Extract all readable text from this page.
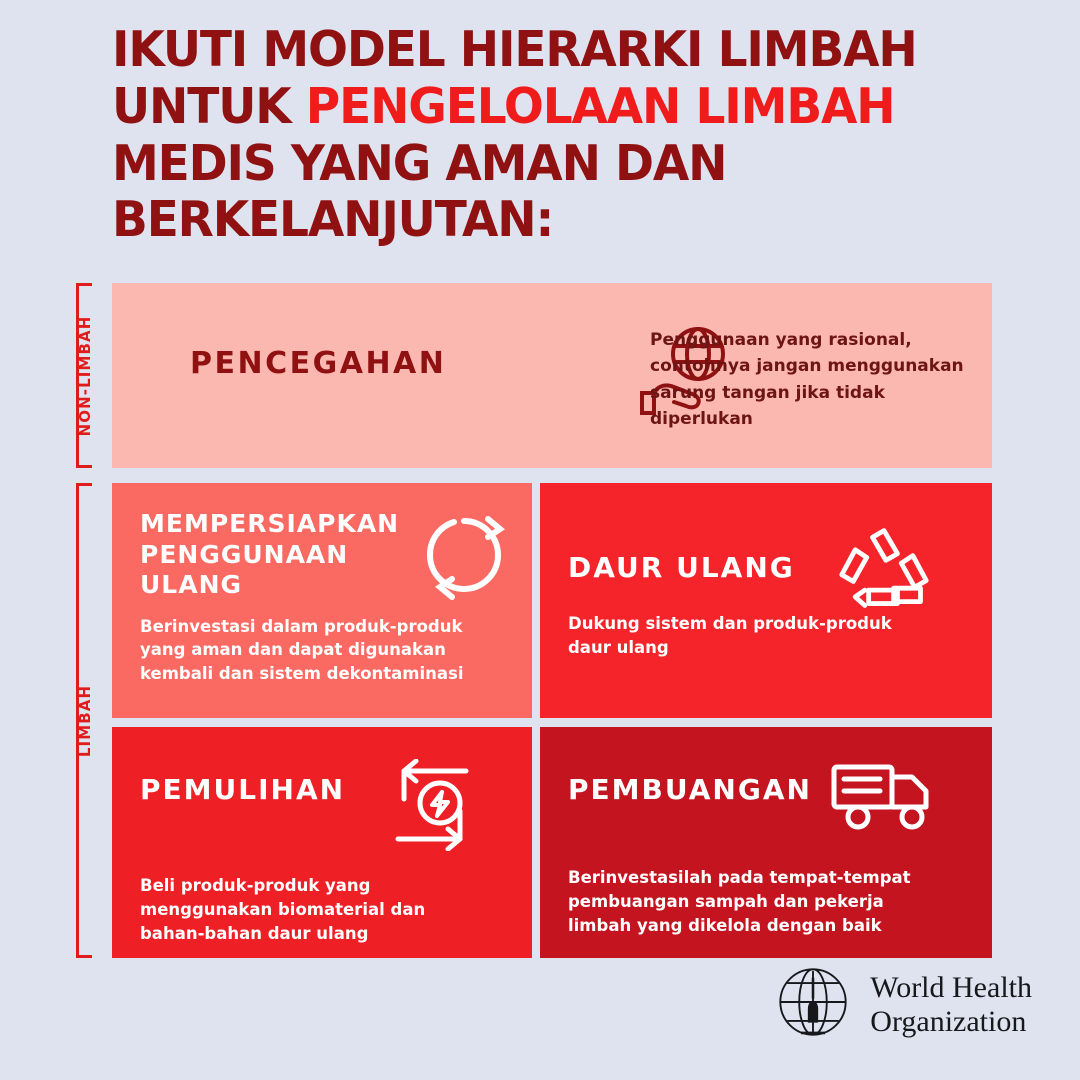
IKUTI MODEL HIERARKI LIMBAH
UNTUK PENGELOLAAN LIMBAH
MEDIS YANG AMAN DAN
BERKELANJUTAN:
NON-LIMBAH
LIMBAH
PENCEGAHAN
Penggunaan yang rasional, contohnya jangan menggunakan sarung tangan jika tidak diperlukan
MEMPERSIAPKAN PENGGUNAAN ULANG
Berinvestasi dalam produk-produk yang aman dan dapat digunakan kembali dan sistem dekontaminasi
DAUR ULANG
Dukung sistem dan produk-produk daur ulang
PEMULIHAN
Beli produk-produk yang menggunakan biomaterial dan bahan-bahan daur ulang
PEMBUANGAN
Berinvestasilah pada tempat-tempat pembuangan sampah dan pekerja limbah yang dikelola dengan baik
World Health
Organization
